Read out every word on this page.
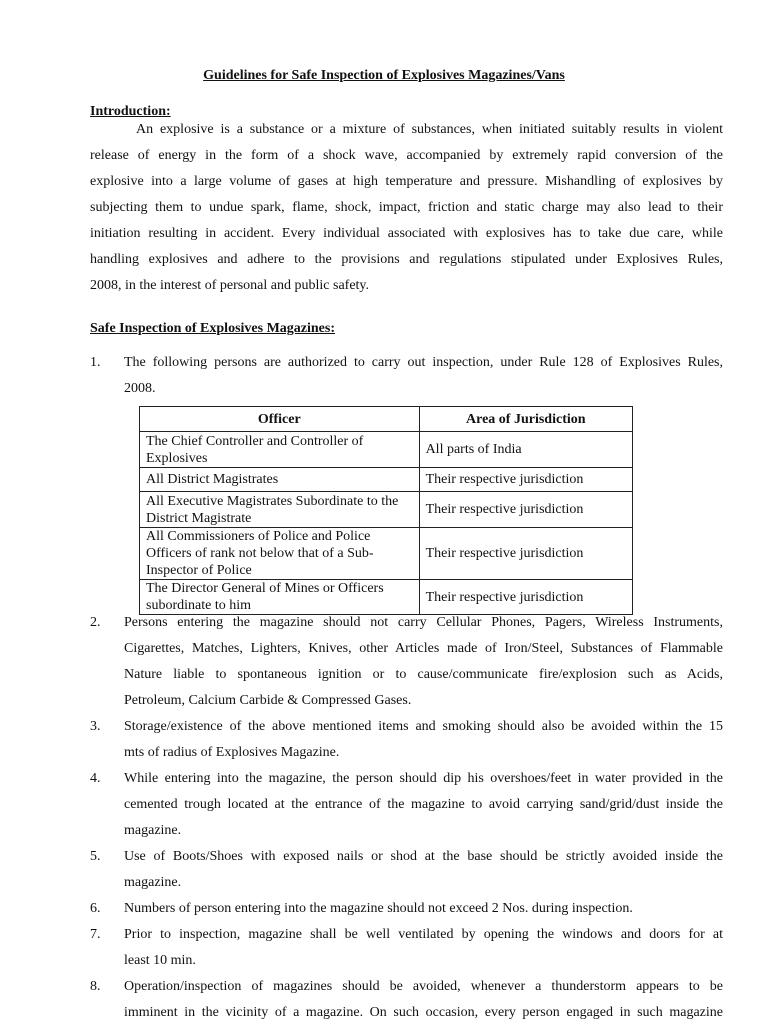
Guidelines for Safe Inspection of Explosives Magazines/Vans
Introduction:
An explosive is a substance or a mixture of substances, when initiated suitably results in violent
release of energy in the form of a shock wave, accompanied by extremely rapid conversion of the
explosive into a large volume of gases at high temperature and pressure. Mishandling of explosives by
subjecting them to undue spark, flame, shock, impact, friction and static charge may also lead to their
initiation resulting in accident. Every individual associated with explosives has to take due care, while
handling explosives and adhere to the provisions and regulations stipulated under Explosives Rules,
2008, in the interest of personal and public safety.
Safe Inspection of Explosives Magazines:
1. The following persons are authorized to carry out inspection, under Rule 128 of Explosives Rules,
2008.
Officer	Area of Jurisdiction
The Chief Controller and Controller of Explosives	All parts of India
All District Magistrates	Their respective jurisdiction
All Executive Magistrates Subordinate to the District Magistrate	Their respective jurisdiction
All Commissioners of Police and Police Officers of rank not below that of a Sub-Inspector of Police	Their respective jurisdiction
The Director General of Mines or Officers subordinate to him	Their respective jurisdiction
2. Persons entering the magazine should not carry Cellular Phones, Pagers, Wireless Instruments,
Cigarettes, Matches, Lighters, Knives, other Articles made of Iron/Steel, Substances of Flammable
Nature liable to spontaneous ignition or to cause/communicate fire/explosion such as Acids,
Petroleum, Calcium Carbide & Compressed Gases.
3. Storage/existence of the above mentioned items and smoking should also be avoided within the 15
mts of radius of Explosives Magazine.
4. While entering into the magazine, the person should dip his overshoes/feet in water provided in the
cemented trough located at the entrance of the magazine to avoid carrying sand/grid/dust inside the
magazine.
5. Use of Boots/Shoes with exposed nails or shod at the base should be strictly avoided inside the
magazine.
6. Numbers of person entering into the magazine should not exceed 2 Nos. during inspection.
7. Prior to inspection, magazine shall be well ventilated by opening the windows and doors for at
least 10 min.
8. Operation/inspection of magazines should be avoided, whenever a thunderstorm appears to be
imminent in the vicinity of a magazine. On such occasion, every person engaged in such magazine
